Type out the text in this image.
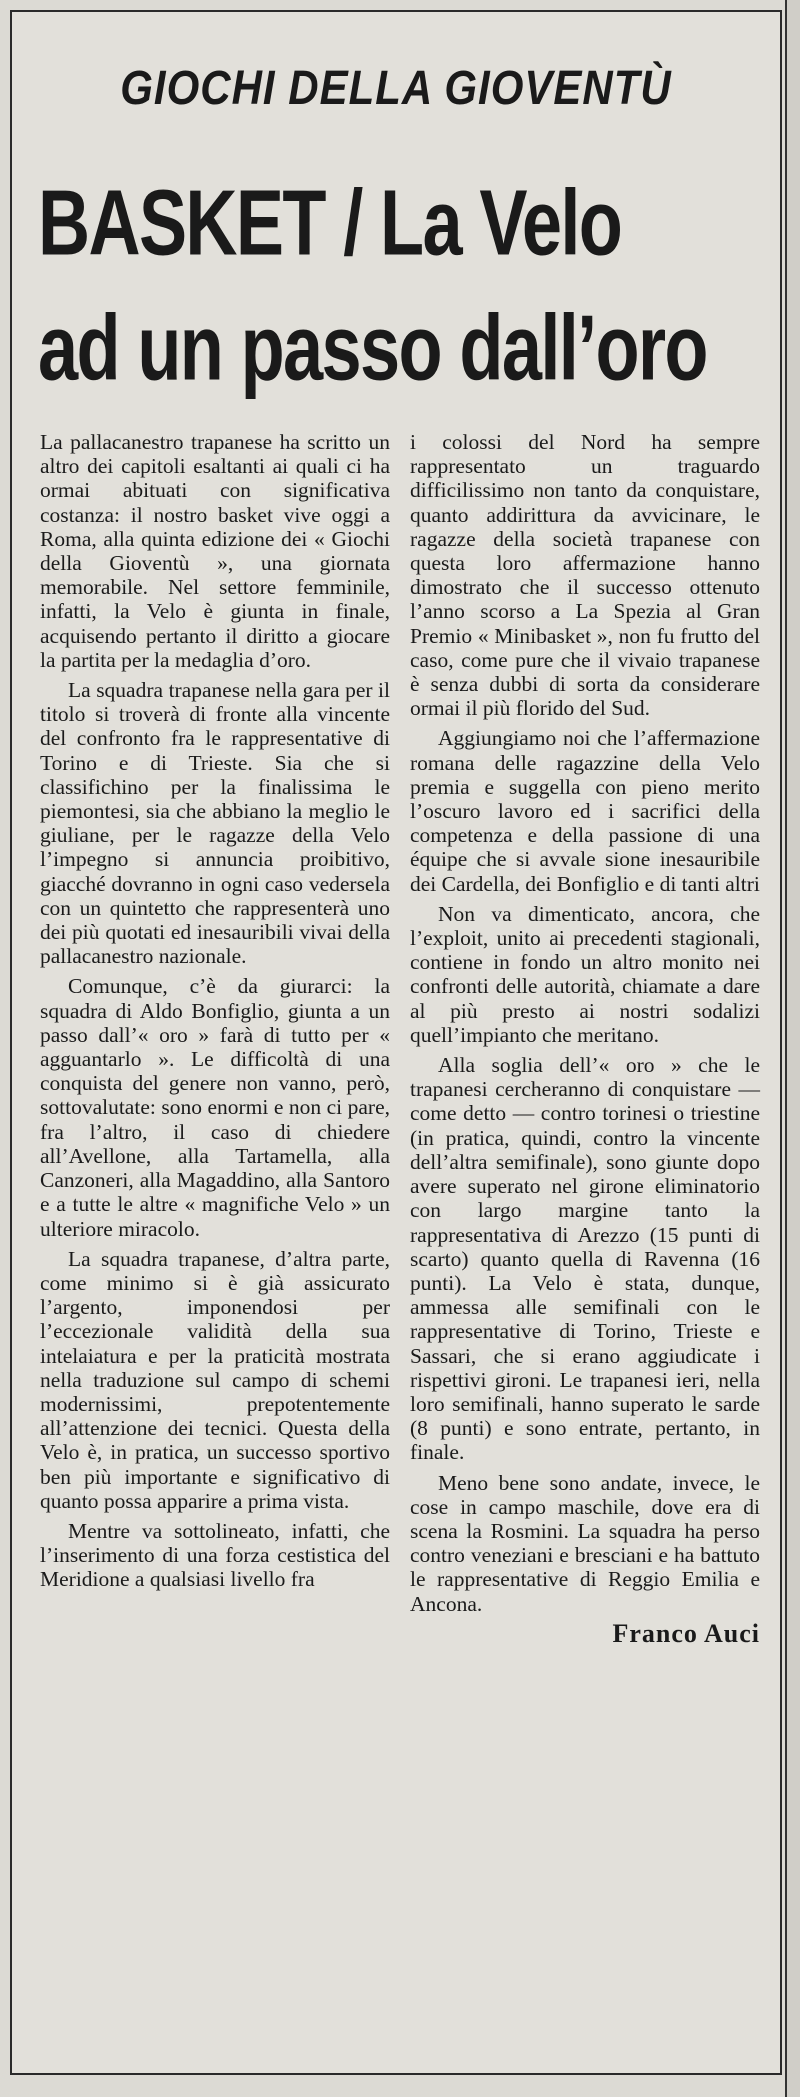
GIOCHI DELLA GIOVENTÙ
BASKET / La Velo
ad un passo dall’oro

La pallacanestro trapanese ha scritto un altro dei capitoli esaltanti ai quali ci ha ormai abituati con significativa costanza: il nostro basket vive oggi a Roma, alla quinta edizione dei « Giochi della Gioventù », una giornata memorabile. Nel settore femminile, infatti, la Velo è giunta in finale, acquisendo pertanto il diritto a giocare la partita per la medaglia d’oro.

La squadra trapanese nella gara per il titolo si troverà di fronte alla vincente del confronto fra le rappresentative di Torino e di Trieste. Sia che si classifichino per la finalissima le piemontesi, sia che abbiano la meglio le giuliane, per le ragazze della Velo l’impegno si annuncia proibitivo, giacché dovranno in ogni caso vedersela con un quintetto che rappresenterà uno dei più quotati ed inesauribili vivai della pallacanestro nazionale.

Comunque, c’è da giurarci: la squadra di Aldo Bonfiglio, giunta a un passo dall’« oro » farà di tutto per « agguantarlo ». Le difficoltà di una conquista del genere non vanno, però, sottovalutate: sono enormi e non ci pare, fra l’altro, il caso di chiedere all’Avellone, alla Tartamella, alla Canzoneri, alla Magaddino, alla Santoro e a tutte le altre « magnifiche Velo » un ulteriore miracolo.

La squadra trapanese, d’altra parte, come minimo si è già assicurato l’argento, imponendosi per l’eccezionale validità della sua intelaiatura e per la praticità mostrata nella traduzione sul campo di schemi modernissimi, prepotentemente all’attenzione dei tecnici. Questa della Velo è, in pratica, un successo sportivo ben più importante e significativo di quanto possa apparire a prima vista.

Mentre va sottolineato, infatti, che l’inserimento di una forza cestistica del Meridione a qualsiasi livello fra

i colossi del Nord ha sempre rappresentato un traguardo difficilissimo non tanto da conquistare, quanto addirittura da avvicinare, le ragazze della società trapanese con questa loro affermazione hanno dimostrato che il successo ottenuto l’anno scorso a La Spezia al Gran Premio « Minibasket », non fu frutto del caso, come pure che il vivaio trapanese è senza dubbi di sorta da considerare ormai il più florido del Sud.

Aggiungiamo noi che l’affermazione romana delle ragazzine della Velo premia e suggella con pieno merito l’oscuro lavoro ed i sacrifici della competenza e della passione di una équipe che si avvale sione inesauribile dei Cardella, dei Bonfiglio e di tanti altri

Non va dimenticato, ancora, che l’exploit, unito ai precedenti stagionali, contiene in fondo un altro monito nei confronti delle autorità, chiamate a dare al più presto ai nostri sodalizi quell’impianto che meritano.

Alla soglia dell’« oro » che le trapanesi cercheranno di conquistare — come detto — contro torinesi o triestine (in pratica, quindi, contro la vincente dell’altra semifinale), sono giunte dopo avere superato nel girone eliminatorio con largo margine tanto la rappresentativa di Arezzo (15 punti di scarto) quanto quella di Ravenna (16 punti). La Velo è stata, dunque, ammessa alle semifinali con le rappresentative di Torino, Trieste e Sassari, che si erano aggiudicate i rispettivi gironi. Le trapanesi ieri, nella loro semifinali, hanno superato le sarde (8 punti) e sono entrate, pertanto, in finale.

Meno bene sono andate, invece, le cose in campo maschile, dove era di scena la Rosmini. La squadra ha perso contro veneziani e bresciani e ha battuto le rappresentative di Reggio Emilia e Ancona.

Franco Auci
